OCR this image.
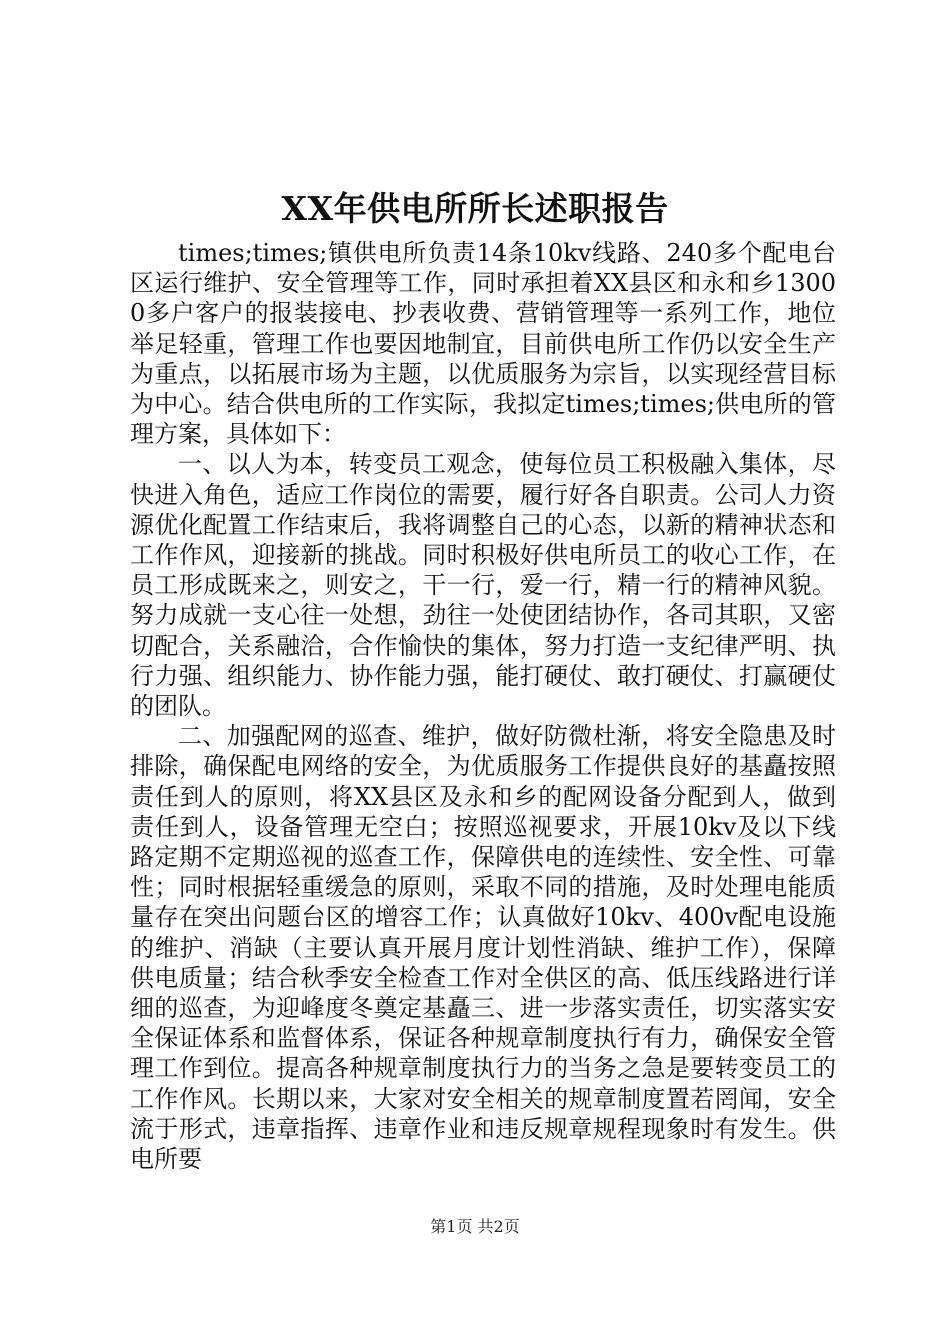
XX年供电所所长述职报告

times;times;镇供电所负责14条10kv线路、240多个配电台区运行维护、安全管理等工作，同时承担着XX县区和永和乡13000多户客户的报装接电、抄表收费、营销管理等一系列工作，地位举足轻重，管理工作也要因地制宜，目前供电所工作仍以安全生产为重点，以拓展市场为主题，以优质服务为宗旨，以实现经营目标为中心。结合供电所的工作实际，我拟定times;times;供电所的管理方案，具体如下：

一、以人为本，转变员工观念，使每位员工积极融入集体，尽快进入角色，适应工作岗位的需要，履行好各自职责。公司人力资源优化配置工作结束后，我将调整自己的心态，以新的精神状态和工作作风，迎接新的挑战。同时积极好供电所员工的收心工作，在员工形成既来之，则安之，干一行，爱一行，精一行的精神风貌。努力成就一支心往一处想，劲往一处使团结协作，各司其职，又密切配合，关系融洽，合作愉快的集体，努力打造一支纪律严明、执行力强、组织能力、协作能力强，能打硬仗、敢打硬仗、打赢硬仗的团队。

二、加强配网的巡查、维护，做好防微杜渐，将安全隐患及时排除，确保配电网络的安全，为优质服务工作提供良好的基矗按照责任到人的原则，将XX县区及永和乡的配网设备分配到人，做到责任到人，设备管理无空白；按照巡视要求，开展10kv及以下线路定期不定期巡视的巡查工作，保障供电的连续性、安全性、可靠性；同时根据轻重缓急的原则，采取不同的措施，及时处理电能质量存在突出问题台区的增容工作；认真做好10kv、400v配电设施的维护、消缺（主要认真开展月度计划性消缺、维护工作），保障供电质量；结合秋季安全检查工作对全供区的高、低压线路进行详细的巡查，为迎峰度冬奠定基矗三、进一步落实责任，切实落实安全保证体系和监督体系，保证各种规章制度执行有力，确保安全管理工作到位。提高各种规章制度执行力的当务之急是要转变员工的工作作风。长期以来，大家对安全相关的规章制度置若罔闻，安全流于形式，违章指挥、违章作业和违反规章规程现象时有发生。供电所要

第1页 共2页
